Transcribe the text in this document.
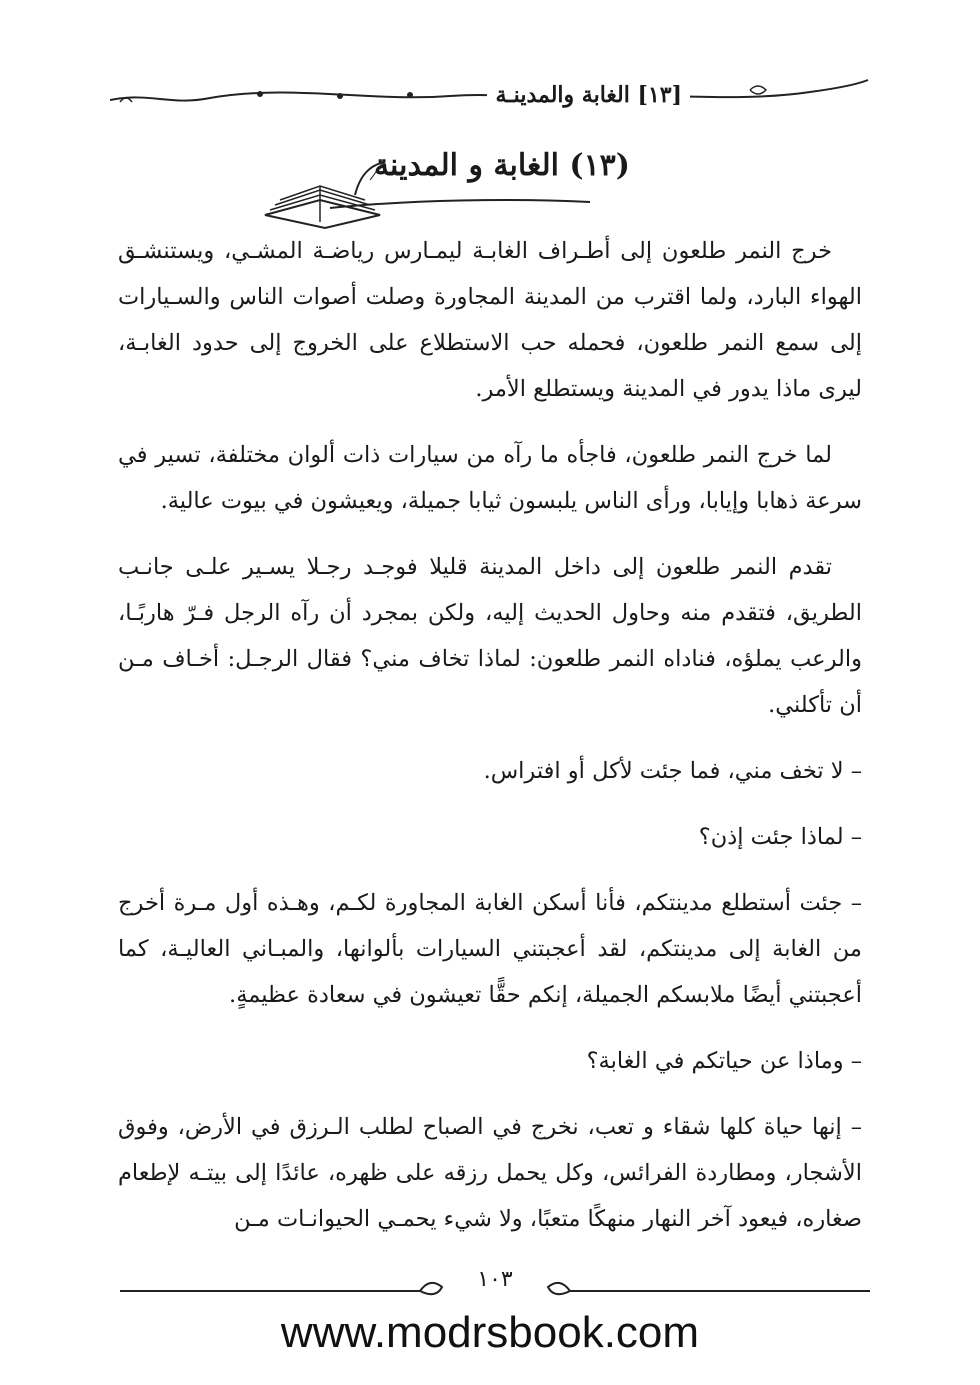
[١٣] الغابة والمدينـة
(١٣) الغابة و المدينة

خرج النمر طلعون إلى أطـراف الغابـة ليمـارس رياضـة المشـي، ويستنشـق الهواء البارد، ولما اقترب من المدينة المجاورة وصلت أصوات الناس والسـيارات إلى سمع النمر طلعون، فحمله حب الاستطلاع على الخروج إلى حدود الغابـة، ليرى ماذا يدور في المدينة ويستطلع الأمر.

لما خرج النمر طلعون، فاجأه ما رآه من سيارات ذات ألوان مختلفة، تسير في سرعة ذهابا وإيابا، ورأى الناس يلبسون ثيابا جميلة، ويعيشون في بيوت عالية.

تقدم النمر طلعون إلى داخل المدينة قليلا فوجـد رجـلا يسـير علـى جانـب الطريق، فتقدم منه وحاول الحديث إليه، ولكن بمجرد أن رآه الرجل فـرّ هاربًـا، والرعب يملؤه، فناداه النمر طلعون: لماذا تخاف مني؟ فقال الرجـل: أخـاف مـن أن تأكلني.

– لا تخف مني، فما جئت لأكل أو افتراس.

– لماذا جئت إذن؟

– جئت أستطلع مدينتكم، فأنا أسكن الغابة المجاورة لكـم، وهـذه أول مـرة أخرج من الغابة إلى مدينتكم، لقد أعجبتني السيارات بألوانها، والمبـاني العاليـة، كما أعجبتني أيضًا ملابسكم الجميلة، إنكم حقًّا تعيشون في سعادة عظيمةٍ.

– وماذا عن حياتكم في الغابة؟

– إنها حياة كلها شقاء و تعب، نخرج في الصباح لطلب الـرزق في الأرض، وفوق الأشجار، ومطاردة الفرائس، وكل يحمل رزقه على ظهره، عائدًا إلى بيتـه لإطعام صغاره، فيعود آخر النهار منهكًا متعبًا، ولا شيء يحمـي الحيوانـات مـن

١٠٣
www.modrsbook.com
